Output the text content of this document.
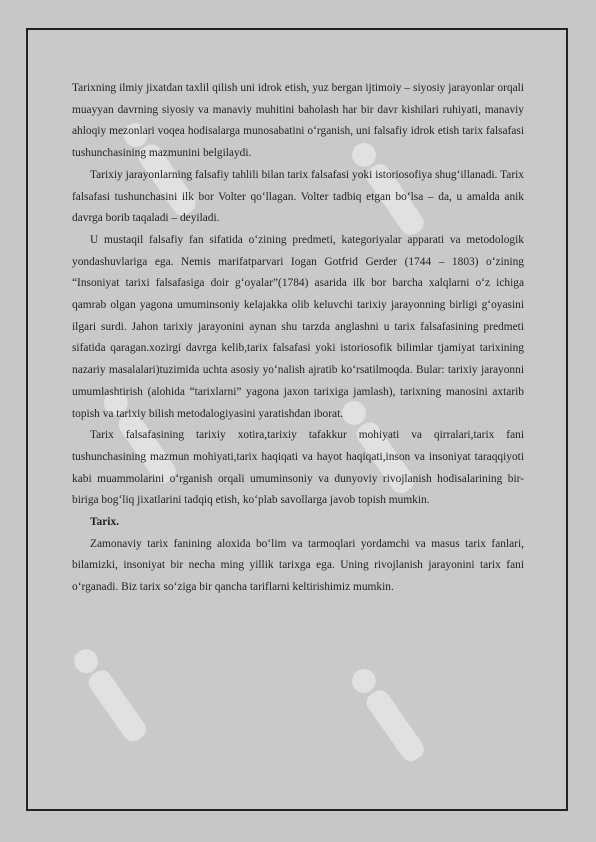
Tarixning ilmiy jixatdan taxlil qilish uni idrok etish, yuz bergan ijtimoiy – siyosiy jarayonlar orqali muayyan davrning siyosiy va manaviy muhitini baholash har bir davr kishilari ruhiyati, manaviy ahloqiy mezonlari voqea hodisalarga munosabatini o‘rganish, uni falsafiy idrok etish tarix falsafasi tushunchasining mazmunini belgilaydi.

Tarixiy jarayonlarning falsafiy tahlili bilan tarix falsafasi yoki istoriosofiya shug‘illanadi. Tarix falsafasi tushunchasini ilk bor Volter qo‘llagan. Volter tadbiq etgan bo‘lsa – da, u amalda anik davrga borib taqaladi – deyiladi.

U mustaqil falsafiy fan sifatida o‘zining predmeti, kategoriyalar apparati va metodologik yondashuvlariga ega. Nemis marifatparvari Iogan Gotfrid Gerder (1744 – 1803) o‘zining “Insoniyat tarixi falsafasiga doir g‘oyalar”(1784) asarida ilk bor barcha xalqlarni o‘z ichiga qamrab olgan yagona umuminsoniy kelajakka olib keluvchi tarixiy jarayonning birligi g‘oyasini ilgari surdi. Jahon tarixiy jarayonini aynan shu tarzda anglashni u tarix falsafasining predmeti sifatida qaragan.xozirgi davrga kelib,tarix falsafasi yoki istoriosofik bilimlar tjamiyat tarixining nazariy masalalari)tuzimida uchta asosiy yo‘nalish ajratib ko‘rsatilmoqda. Bular: tarixiy jarayonni umumlashtirish (alohida “tarixlarni” yagona jaxon tarixiga jamlash), tarixning manosini axtarib topish va tarixiy bilish metodalogiyasini yaratishdan iborat.

Tarix falsafasining tarixiy xotira,tarixiy tafakkur mohiyati va qirralari,tarix fani tushunchasining mazmun mohiyati,tarix haqiqati va hayot haqiqati,inson va insoniyat taraqqiyoti kabi muammolarini o‘rganish orqali umuminsoniy va dunyoviy rivojlanish hodisalarining bir-biriga bog‘liq jixatlarini tadqiq etish, ko‘plab savollarga javob topish mumkin.

Tarix.

Zamonaviy tarix fanining aloxida bo‘lim va tarmoqlari yordamchi va masus tarix fanlari, bilamizki, insoniyat bir necha ming yillik tarixga ega. Uning rivojlanish jarayonini tarix fani o‘rganadi. Biz tarix so‘ziga bir qancha tariflarni keltirishimiz mumkin.
